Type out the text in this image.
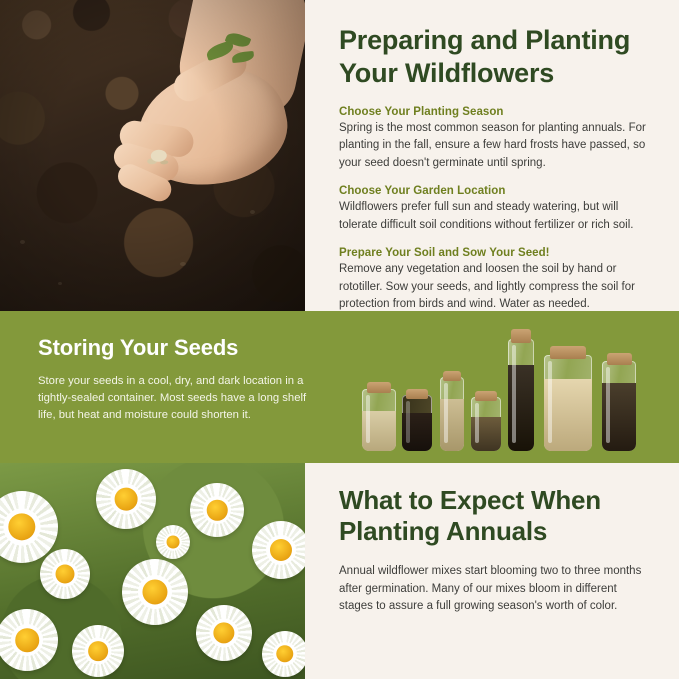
Preparing and Planting Your Wildflowers

Choose Your Planting Season

Spring is the most common season for planting annuals. For planting in the fall, ensure a few hard frosts have passed, so your seed doesn't germinate until spring.

Choose Your Garden Location

Wildflowers prefer full sun and steady watering, but will tolerate difficult soil conditions without fertilizer or rich soil.

Prepare Your Soil and Sow Your Seed!

Remove any vegetation and loosen the soil by hand or rototiller. Sow your seeds, and lightly compress the soil for protection from birds and wind. Water as needed.

Storing Your Seeds

Store your seeds in a cool, dry, and dark location in a tightly-sealed container. Most seeds have a long shelf life, but heat and moisture could shorten it.

What to Expect When Planting Annuals

Annual wildflower mixes start blooming two to three months after germination. Many of our mixes bloom in different stages to assure a full growing season's worth of color.
